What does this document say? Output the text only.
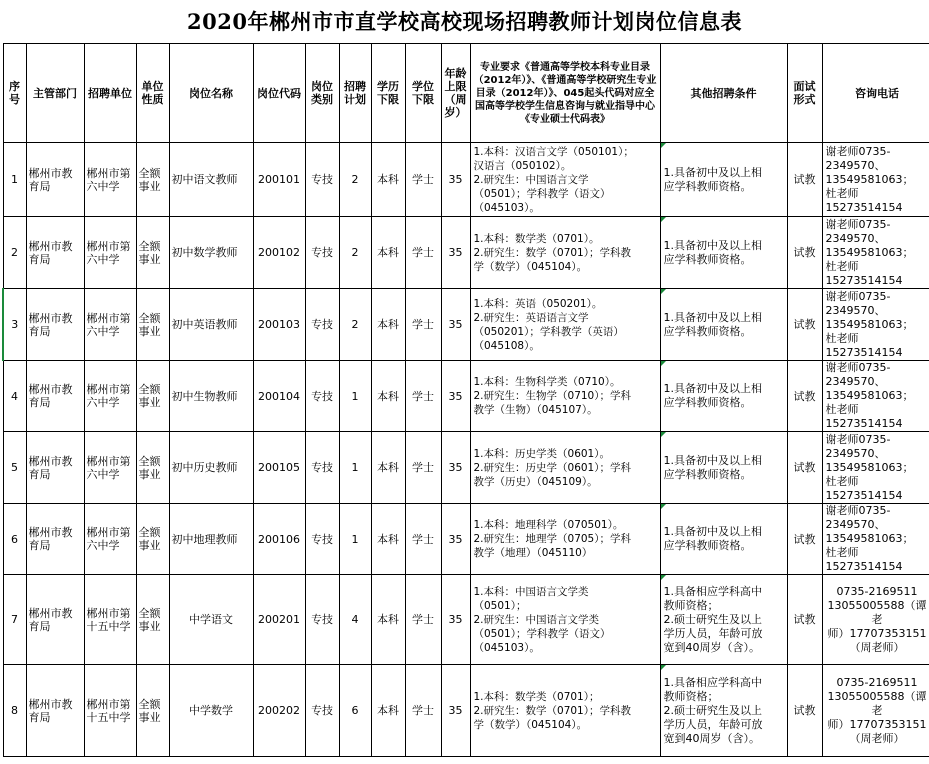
2020年郴州市市直学校高校现场招聘教师计划岗位信息表
序号	主管部门	招聘单位	单位性质	岗位名称	岗位代码	岗位类别	招聘计划	学历下限	学位下限	年龄上限（周岁）	专业要求《普通高等学校本科专业目录（2012年）》、《普通高等学校研究生专业目录（2012年）》、045起头代码对应全国高等学校学生信息咨询与就业指导中心《专业硕士代码表》	其他招聘条件	面试形式	咨询电话
1	郴州市教育局	郴州市第六中学	全额事业	初中语文教师	200101	专技	2	本科	学士	35	1.本科：汉语言文学（050101）；
汉语言（050102）。
2.研究生：中国语言文学
（0501）；学科教学（语文）
（045103）。	1.具备初中及以上相
应学科教师资格。	试教	谢老师0735-
2349570、
13549581063；
杜老师15273514154

2	郴州市教育局	郴州市第六中学	全额事业	初中数学教师	200102	专技	2	本科	学士	35	1.本科：数学类（0701）。
2.研究生：数学（0701）；学科教
学（数学）（045104）。	1.具备初中及以上相
应学科教师资格。	试教	谢老师0735-
2349570、
13549581063；
杜老师15273514154

3	郴州市教育局	郴州市第六中学	全额事业	初中英语教师	200103	专技	2	本科	学士	35	1.本科：英语（050201）。
2.研究生：英语语言文学
（050201）；学科教学（英语）
（045108）。	1.具备初中及以上相
应学科教师资格。	试教	谢老师0735-
2349570、
13549581063；
杜老师15273514154

4	郴州市教育局	郴州市第六中学	全额事业	初中生物教师	200104	专技	1	本科	学士	35	1.本科：生物科学类（0710）。
2.研究生：生物学（0710）；学科
教学（生物）（045107）。	1.具备初中及以上相
应学科教师资格。	试教	谢老师0735-
2349570、
13549581063；
杜老师15273514154

5	郴州市教育局	郴州市第六中学	全额事业	初中历史教师	200105	专技	1	本科	学士	35	1.本科：历史学类（0601）。
2.研究生：历史学（0601）；学科
教学（历史）（045109）。	1.具备初中及以上相
应学科教师资格。	试教	谢老师0735-
2349570、
13549581063；
杜老师15273514154

6	郴州市教育局	郴州市第六中学	全额事业	初中地理教师	200106	专技	1	本科	学士	35	1.本科：地理科学（070501）。
2.研究生：地理学（0705）；学科
教学（地理）（045110）	1.具备初中及以上相
应学科教师资格。	试教	谢老师0735-
2349570、
13549581063；
杜老师15273514154

7	郴州市教育局	郴州市第十五中学	全额事业	中学语文	200201	专技	4	本科	学士	35	1.本科：中国语言文学类
（0501）；
2.研究生：中国语言文学类
（0501）；学科教学（语文）
（045103）。	1.具备相应学科高中
教师资格；
2.硕士研究生及以上
学历人员，年龄可放
宽到40周岁（含）。	试教	0735-2169511
13055005588（谭老
师）17707353151
（周老师）

8	郴州市教育局	郴州市第十五中学	全额事业	中学数学	200202	专技	6	本科	学士	35	1.本科：数学类（0701）；
2.研究生：数学（0701）；学科教
学（数学）（045104）。	1.具备相应学科高中
教师资格；
2.硕士研究生及以上
学历人员，年龄可放
宽到40周岁（含）。	试教	0735-2169511
13055005588（谭老
师）17707353151
（周老师）
